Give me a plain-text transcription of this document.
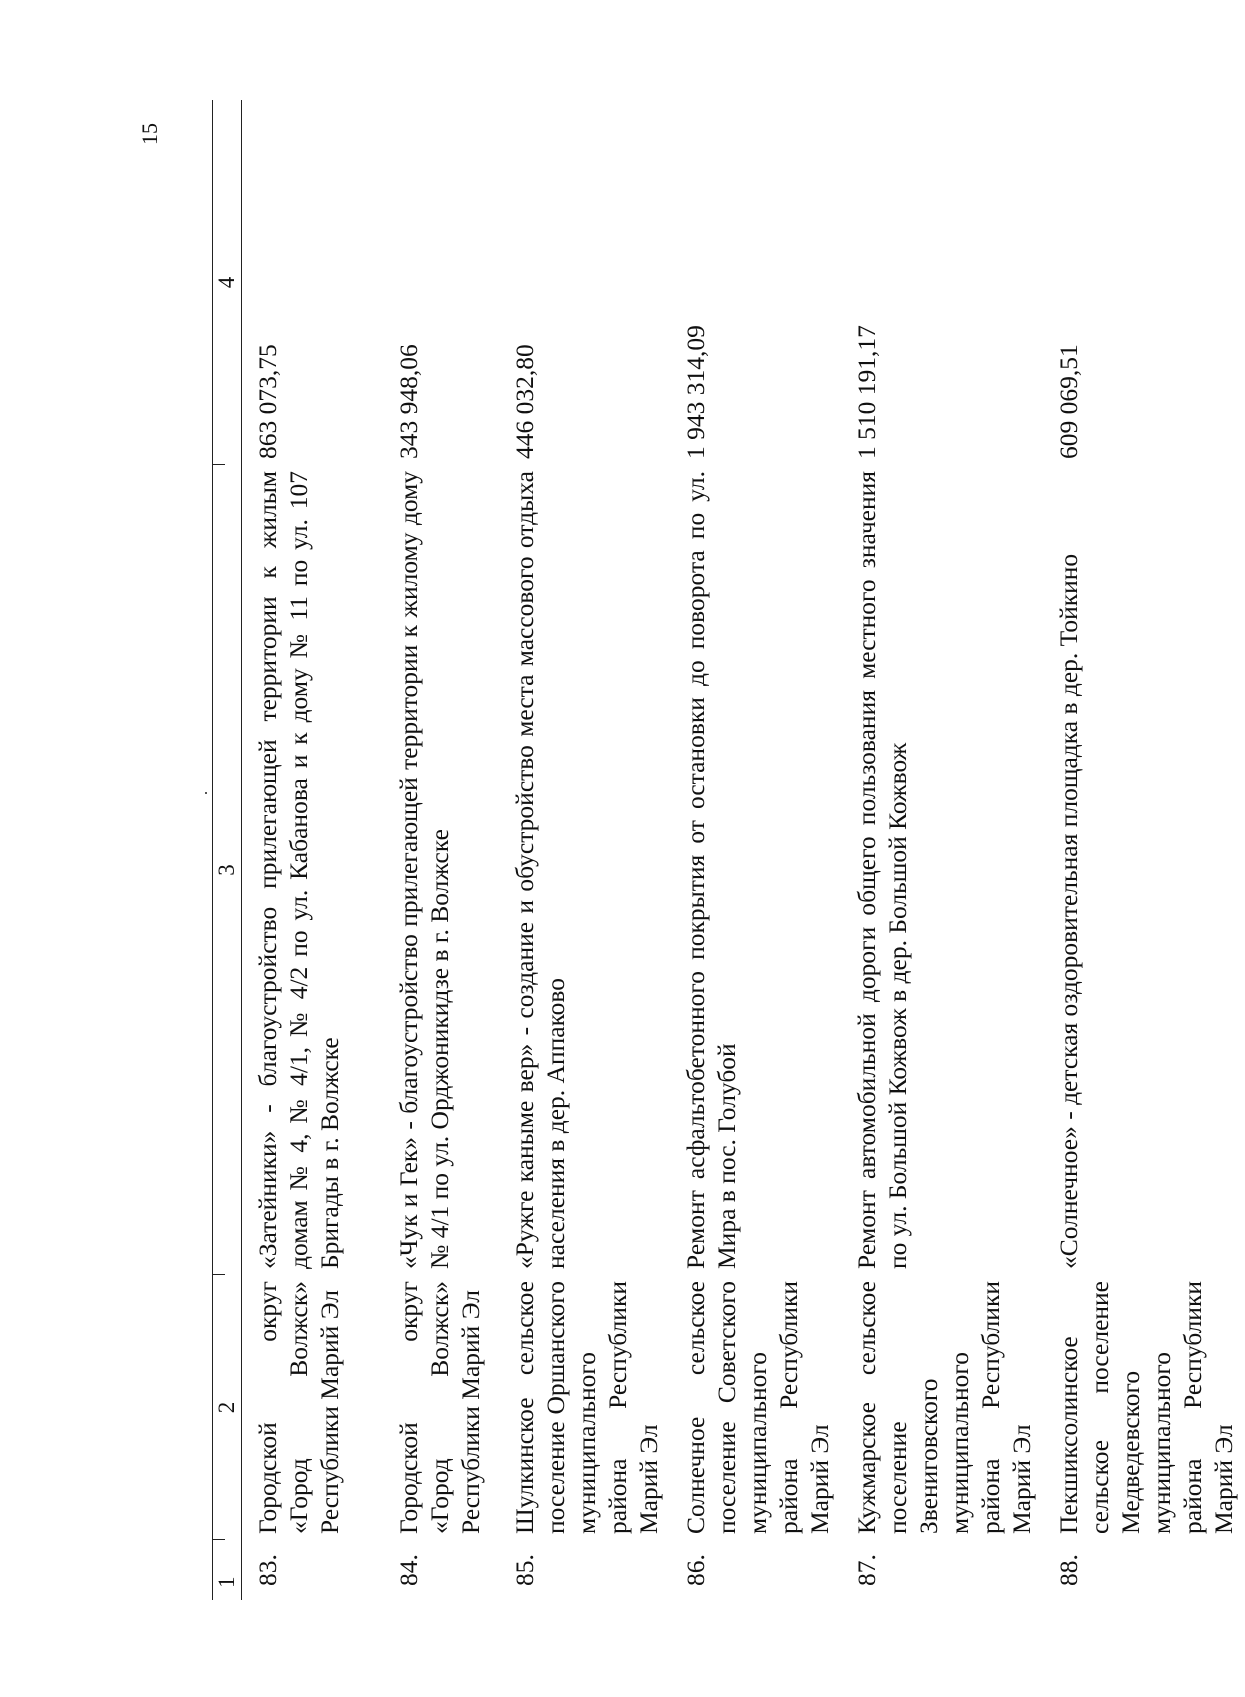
15
1	2	3	4
83.	Городской округ «Город Волжск» Республики Марий Эл	«Затейники» - благоустройство прилегающей территории к жилым домам № 4, № 4/1, № 4/2 по ул. Кабанова и к дому № 11 по ул. 107 Бригады в г. Волжске	863 073,75
84.	Городской округ «Город Волжск» Республики Марий Эл	«Чук и Гек» - благоустройство прилегающей территории к жилому дому № 4/1 по ул. Орджоникидзе в г. Волжске	343 948,06
85.	Шулкинское сельское поселение Оршанского муниципального района Республики Марий Эл	«Ружге каныме вер» - создание и обустройство места массового отдыха населения в дер. Аппаково	446 032,80
86.	Солнечное сельское поселение Советского муниципального района Республики Марий Эл	Ремонт асфальтобетонного покрытия от остановки до поворота по ул. Мира в пос. Голубой	1 943 314,09
87.	Кужмарское сельское поселение Звениговского муниципального района Республики Марий Эл	Ремонт автомобильной дороги общего пользования местного значения по ул. Большой Кожвож в дер. Большой Кожвож	1 510 191,17
88.	Пекшиксолинское сельское поселение Медведевского муниципального района Республики Марий Эл	«Солнечное» - детская оздоровительная площадка в дер. Тойкино	609 069,51
